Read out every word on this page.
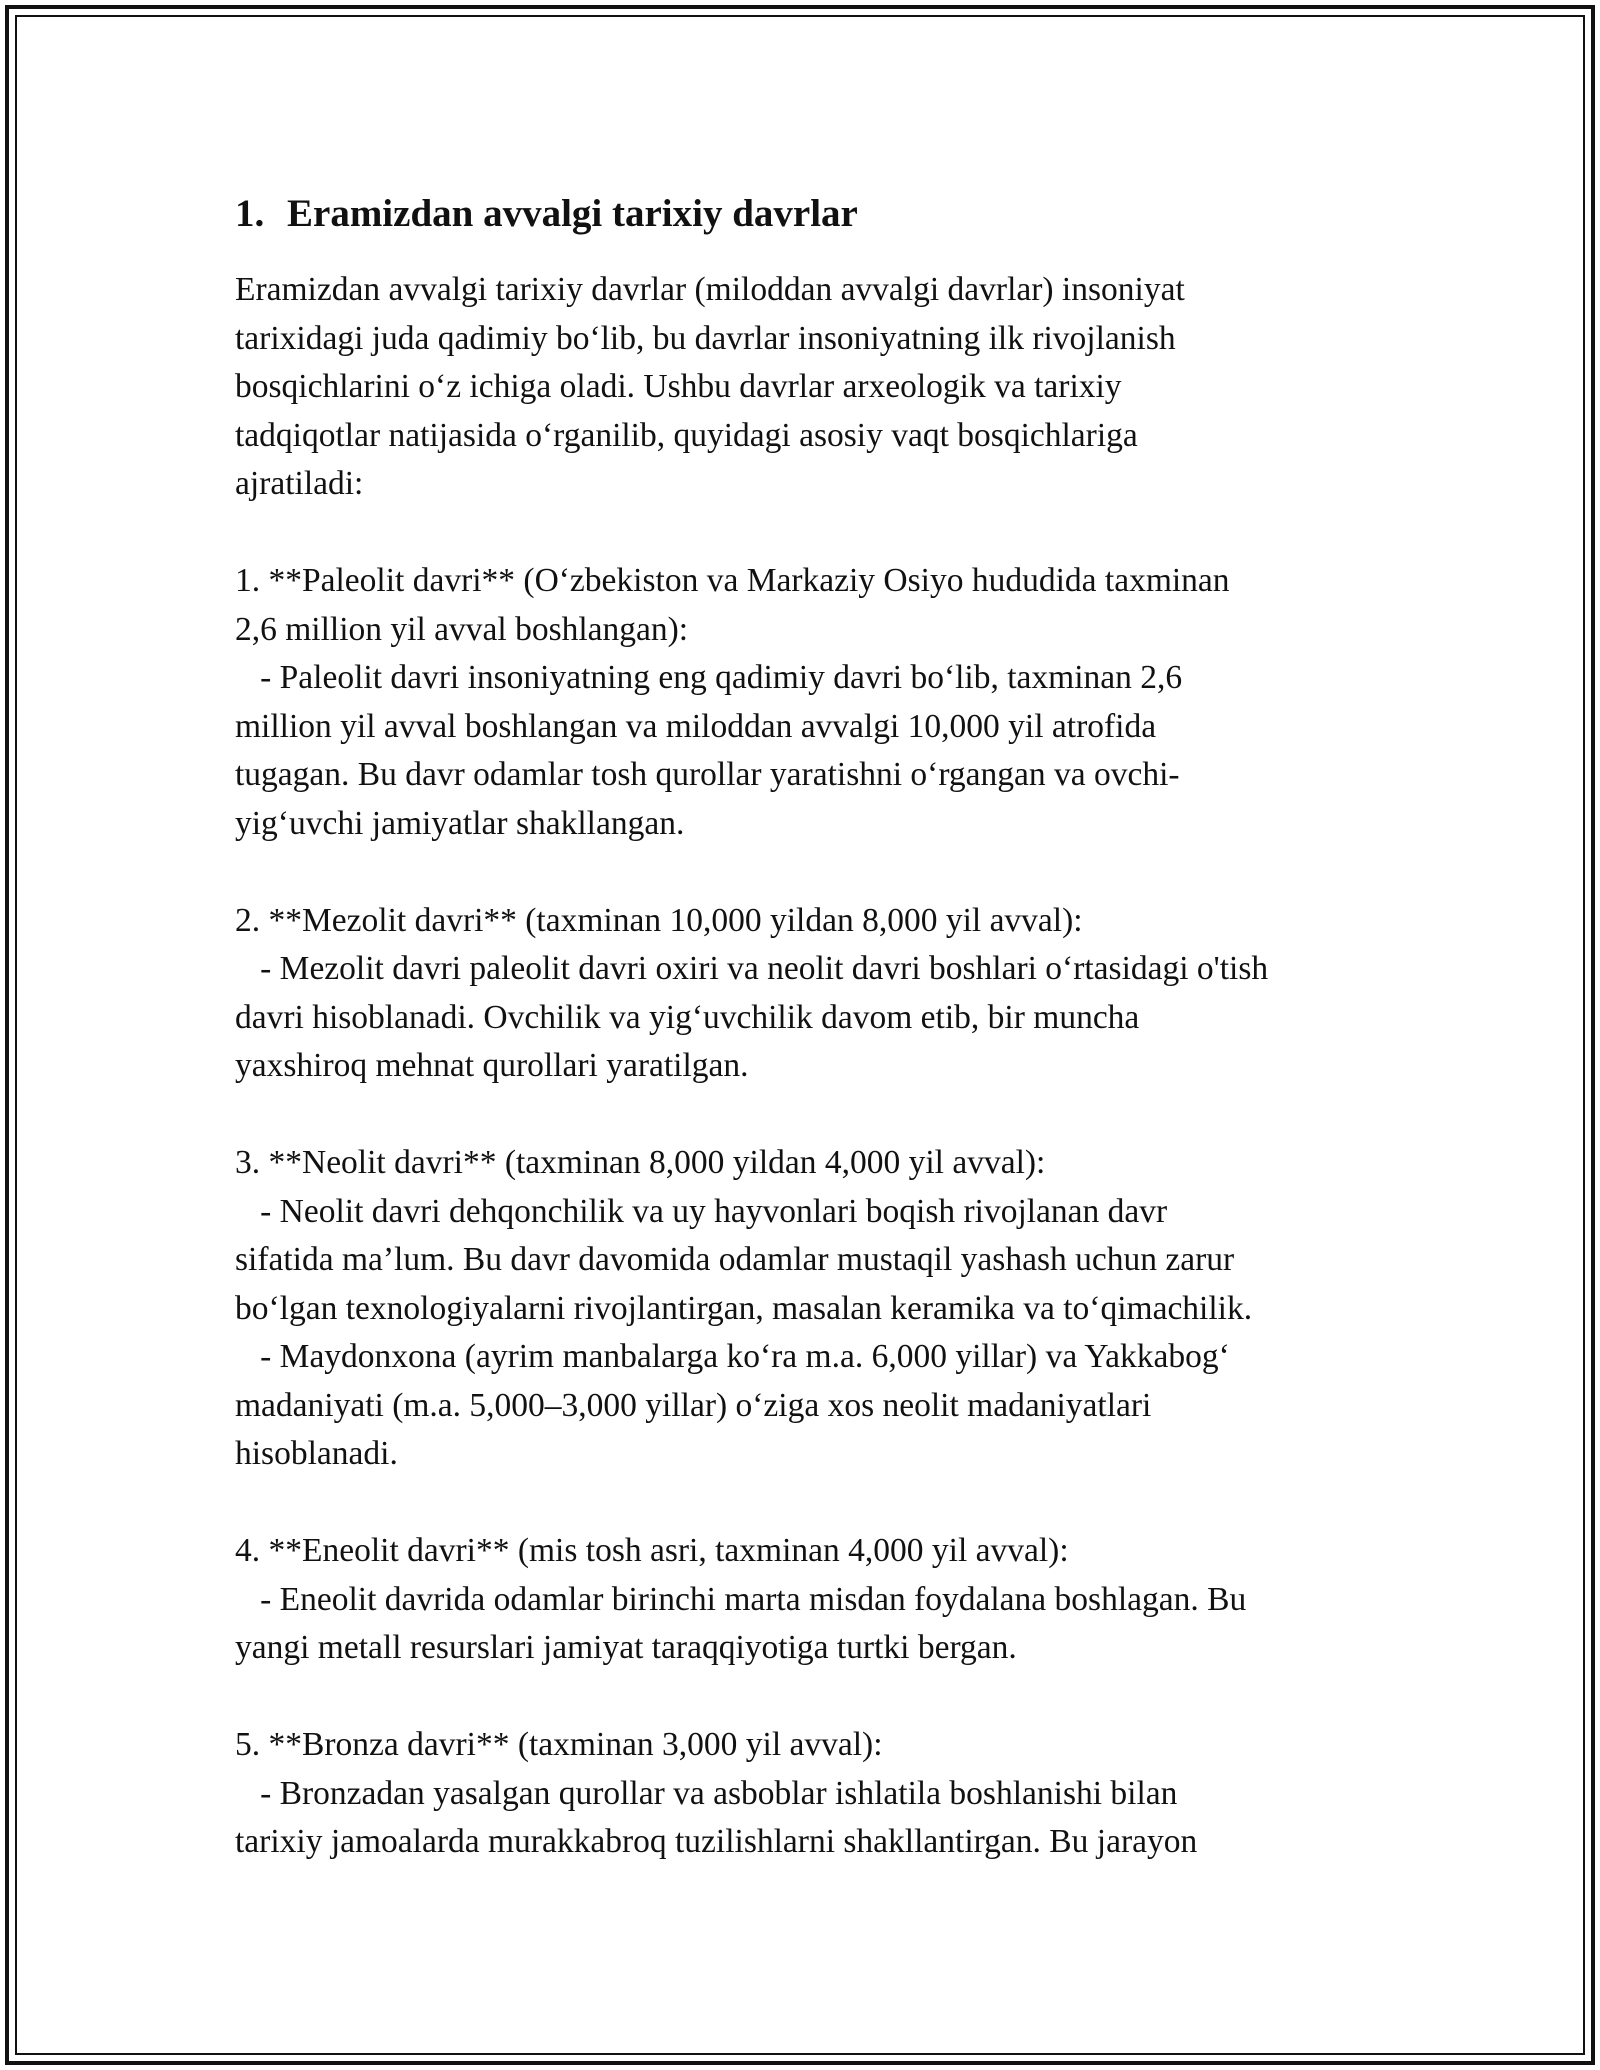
1. Eramizdan avvalgi tarixiy davrlar
Eramizdan avvalgi tarixiy davrlar (miloddan avvalgi davrlar) insoniyat
tarixidagi juda qadimiy bo‘lib, bu davrlar insoniyatning ilk rivojlanish
bosqichlarini o‘z ichiga oladi. Ushbu davrlar arxeologik va tarixiy
tadqiqotlar natijasida o‘rganilib, quyidagi asosiy vaqt bosqichlariga
ajratiladi:
1. **Paleolit davri** (O‘zbekiston va Markaziy Osiyo hududida taxminan
2,6 million yil avval boshlangan):
- Paleolit davri insoniyatning eng qadimiy davri bo‘lib, taxminan 2,6
million yil avval boshlangan va miloddan avvalgi 10,000 yil atrofida
tugagan. Bu davr odamlar tosh qurollar yaratishni o‘rgangan va ovchi-
yig‘uvchi jamiyatlar shakllangan.
2. **Mezolit davri** (taxminan 10,000 yildan 8,000 yil avval):
- Mezolit davri paleolit davri oxiri va neolit davri boshlari o‘rtasidagi o'tish
davri hisoblanadi. Ovchilik va yig‘uvchilik davom etib, bir muncha
yaxshiroq mehnat qurollari yaratilgan.
3. **Neolit davri** (taxminan 8,000 yildan 4,000 yil avval):
- Neolit davri dehqonchilik va uy hayvonlari boqish rivojlanan davr
sifatida ma’lum. Bu davr davomida odamlar mustaqil yashash uchun zarur
bo‘lgan texnologiyalarni rivojlantirgan, masalan keramika va to‘qimachilik.
- Maydonxona (ayrim manbalarga ko‘ra m.a. 6,000 yillar) va Yakkabog‘
madaniyati (m.a. 5,000–3,000 yillar) o‘ziga xos neolit madaniyatlari
hisoblanadi.
4. **Eneolit davri** (mis tosh asri, taxminan 4,000 yil avval):
- Eneolit davrida odamlar birinchi marta misdan foydalana boshlagan. Bu
yangi metall resurslari jamiyat taraqqiyotiga turtki bergan.
5. **Bronza davri** (taxminan 3,000 yil avval):
- Bronzadan yasalgan qurollar va asboblar ishlatila boshlanishi bilan
tarixiy jamoalarda murakkabroq tuzilishlarni shakllantirgan. Bu jarayon
